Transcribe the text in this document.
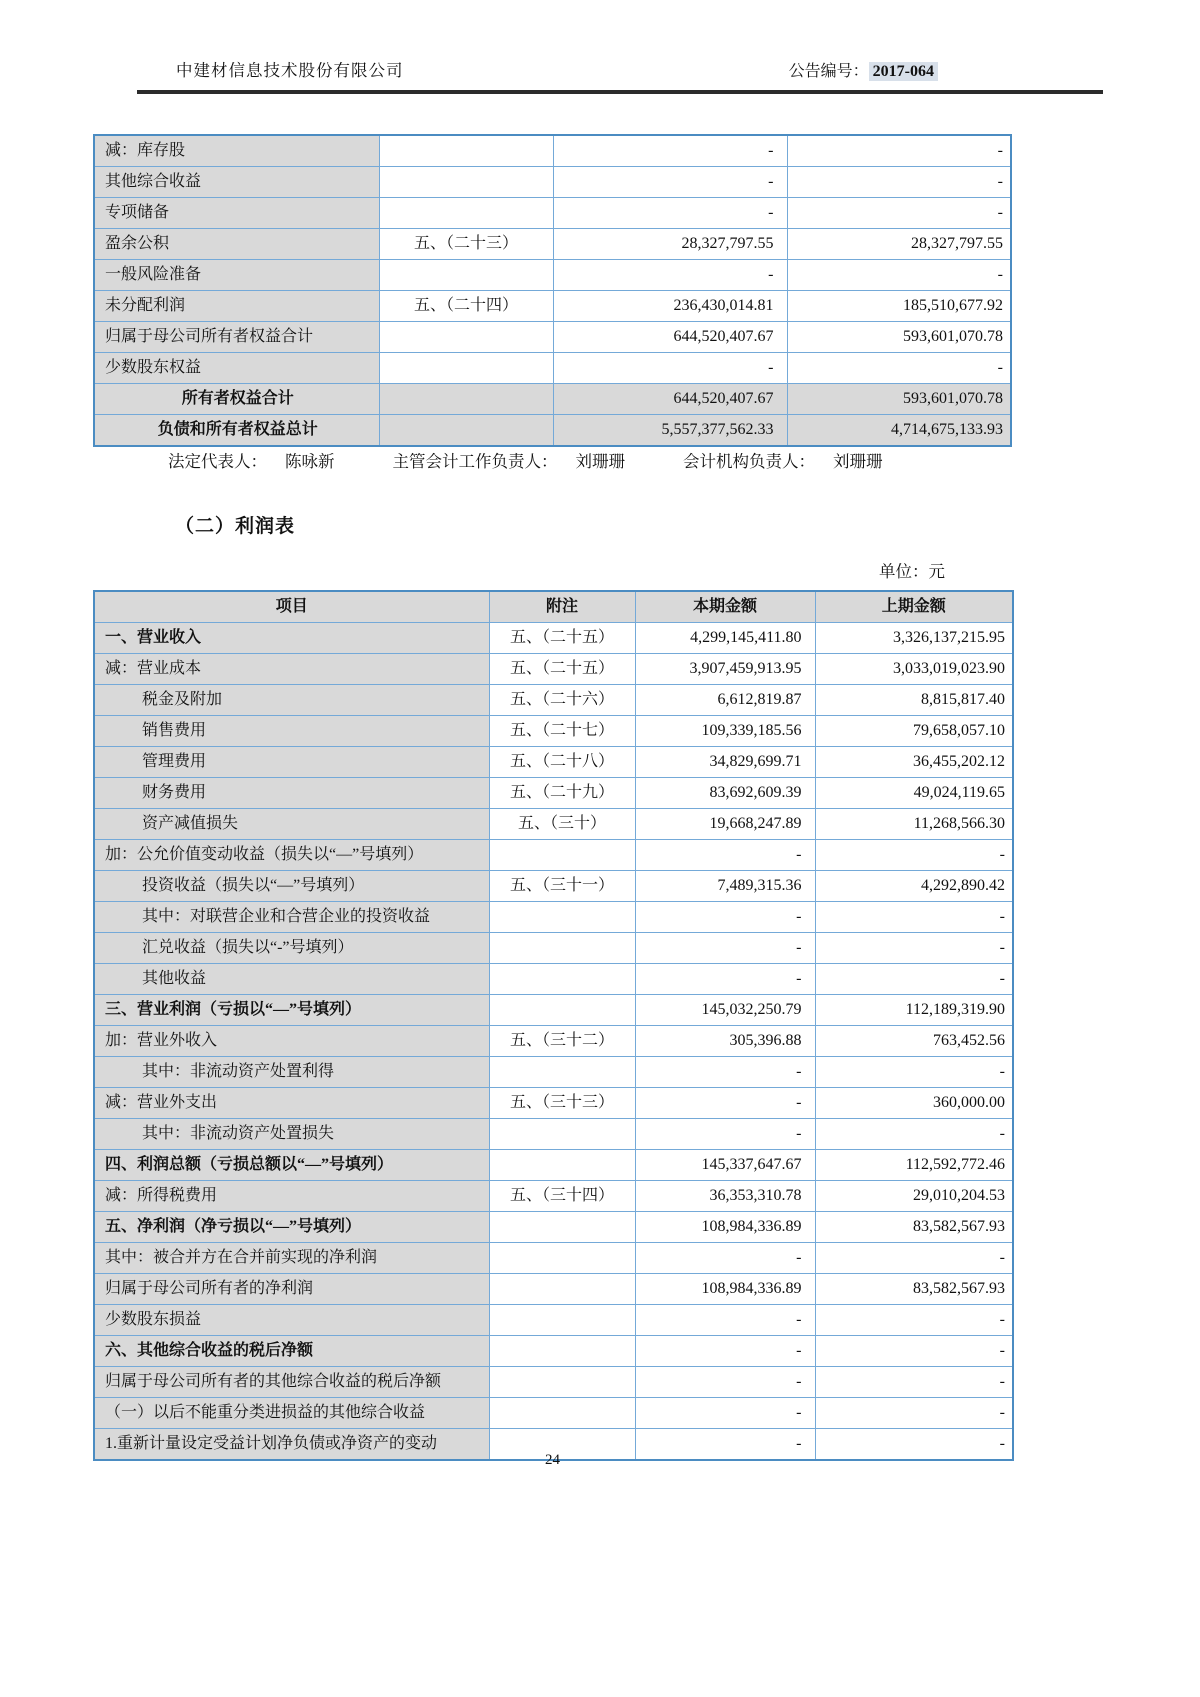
中建材信息技术股份有限公司	公告编号： 2017-064
减：库存股		-	-
其他综合收益		-	-
专项储备		-	-
盈余公积	五、（二十三）	28,327,797.55	28,327,797.55
一般风险准备		-	-
未分配利润	五、（二十四）	236,430,014.81	185,510,677.92
归属于母公司所有者权益合计		644,520,407.67	593,601,070.78
少数股东权益		-	-
所有者权益合计		644,520,407.67	593,601,070.78
负债和所有者权益总计		5,557,377,562.33	4,714,675,133.93
法定代表人： 陈咏新	主管会计工作负责人： 刘珊珊	会计机构负责人： 刘珊珊
（二）利润表
单位：元
项目	附注	本期金额	上期金额
一、营业收入	五、（二十五）	4,299,145,411.80	3,326,137,215.95
减：营业成本	五、（二十五）	3,907,459,913.95	3,033,019,023.90
税金及附加	五、（二十六）	6,612,819.87	8,815,817.40
销售费用	五、（二十七）	109,339,185.56	79,658,057.10
管理费用	五、（二十八）	34,829,699.71	36,455,202.12
财务费用	五、（二十九）	83,692,609.39	49,024,119.65
资产减值损失	五、（三十）	19,668,247.89	11,268,566.30
加：公允价值变动收益（损失以“—”号填列）		-	-
投资收益（损失以“—”号填列）	五、（三十一）	7,489,315.36	4,292,890.42
其中：对联营企业和合营企业的投资收益		-	-
汇兑收益（损失以“-”号填列）		-	-
其他收益		-	-
三、营业利润（亏损以“—”号填列）		145,032,250.79	112,189,319.90
加：营业外收入	五、（三十二）	305,396.88	763,452.56
其中：非流动资产处置利得		-	-
减：营业外支出	五、（三十三）	-	360,000.00
其中：非流动资产处置损失		-	-
四、利润总额（亏损总额以“—”号填列）		145,337,647.67	112,592,772.46
减：所得税费用	五、（三十四）	36,353,310.78	29,010,204.53
五、净利润（净亏损以“—”号填列）		108,984,336.89	83,582,567.93
其中：被合并方在合并前实现的净利润		-	-
归属于母公司所有者的净利润		108,984,336.89	83,582,567.93
少数股东损益		-	-
六、其他综合收益的税后净额		-	-
归属于母公司所有者的其他综合收益的税后净额		-	-
（一）以后不能重分类进损益的其他综合收益		-	-
1.重新计量设定受益计划净负债或净资产的变动		-	-
24
